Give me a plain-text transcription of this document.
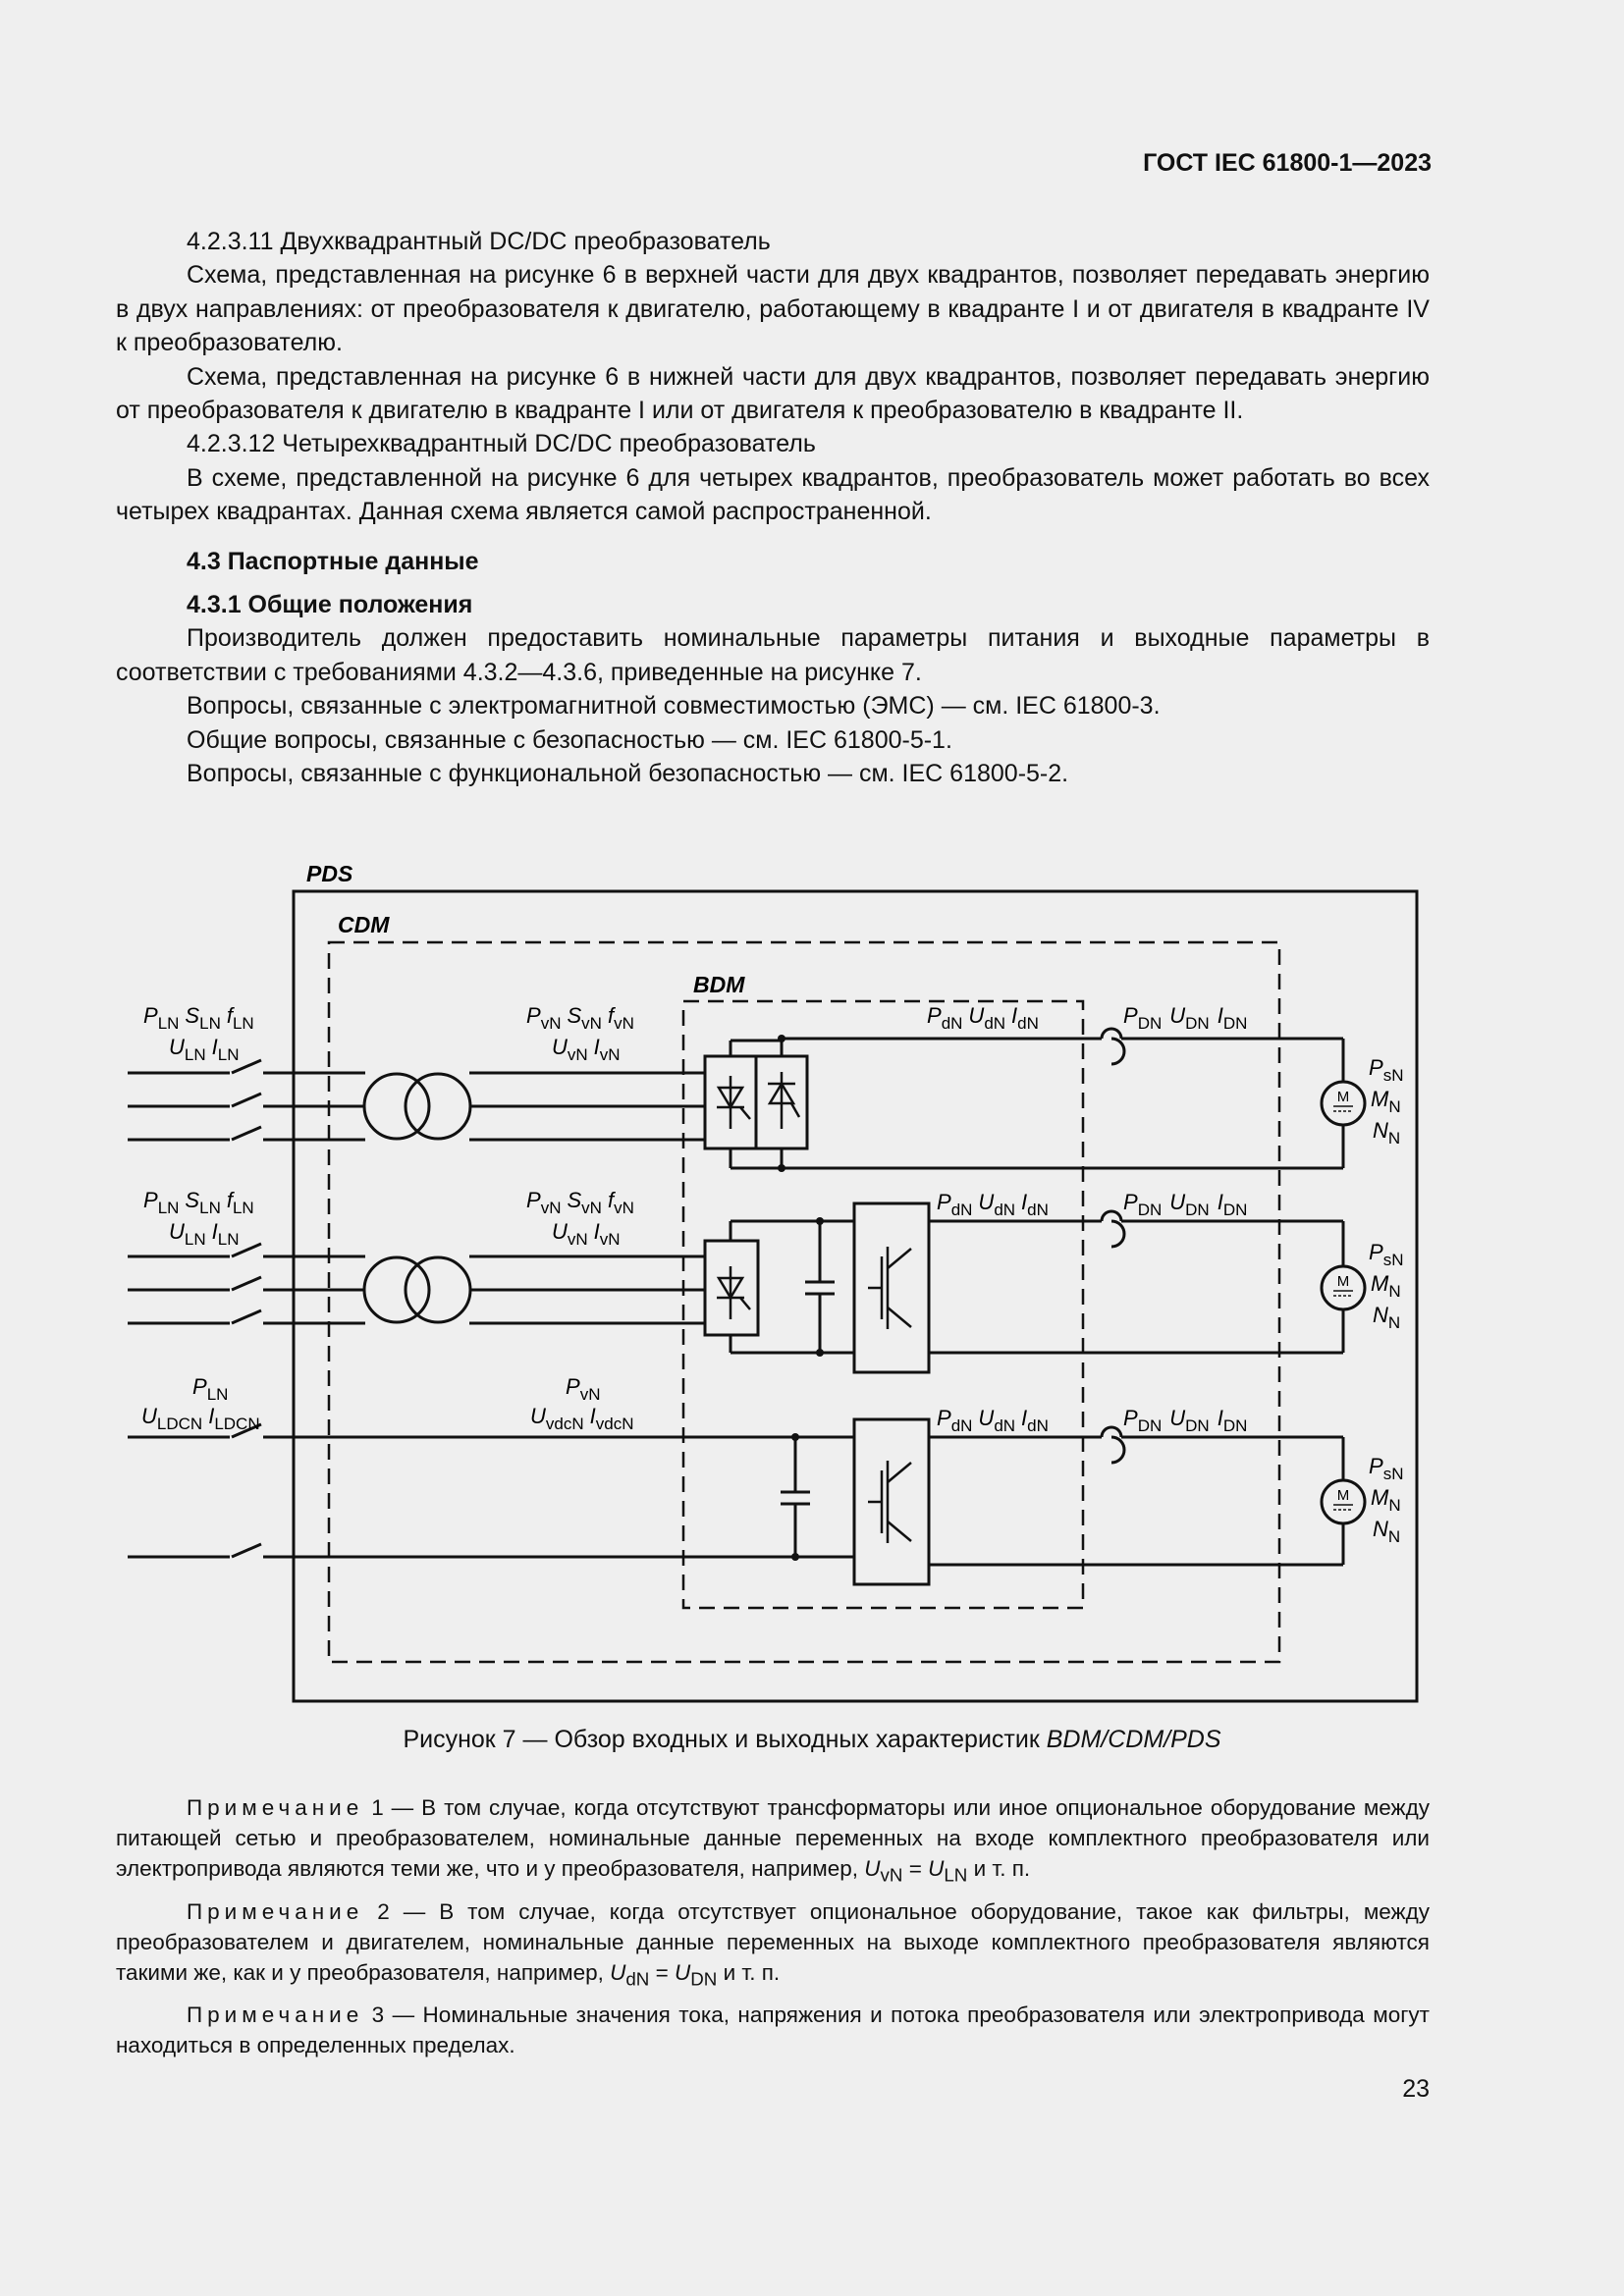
ГОСТ IEC 61800-1—2023

4.2.3.11 Двухквадрантный DC/DC преобразователь

Схема, представленная на рисунке 6 в верхней части для двух квадрантов, позволяет передавать энергию в двух направлениях: от преобразователя к двигателю, работающему в квадранте I и от двигателя в квадранте IV к преобразователю.

Схема, представленная на рисунке 6 в нижней части для двух квадрантов, позволяет передавать энергию от преобразователя к двигателю в квадранте I или от двигателя к преобразователю в квадранте II.

4.2.3.12 Четырехквадрантный DC/DC преобразователь

В схеме, представленной на рисунке 6 для четырех квадрантов, преобразователь может работать во всех четырех квадрантах. Данная схема является самой распространенной.

4.3 Паспортные данные

4.3.1 Общие положения

Производитель должен предоставить номинальные параметры питания и выходные параметры в соответствии с требованиями 4.3.2—4.3.6, приведенные на рисунке 7.

Вопросы, связанные с электромагнитной совместимостью (ЭМС) — см. IEC 61800-3.

Общие вопросы, связанные с безопасностью — см. IEC 61800-5-1.

Вопросы, связанные с функциональной безопасностью — см. IEC 61800-5-2.

PDS
CDM
BDM
M
M
M
$P_{LN}$ $S_{LN}$ $f_{LN}$
$U_{LN}$ $I_{LN}$
$P_{vN}$ $S_{vN}$ $f_{vN}$
$U_{vN}$ $I_{vN}$
$P_{dN}$ $U_{dN}$ $I_{dN}$	$P_{DN}$ $U_{DN}$ $I_{DN}$
$P_{sN}$
$M_N$
$N_N$
$P_{LN}$ $S_{LN}$ $f_{LN}$
$U_{LN}$ $I_{LN}$
$P_{vN}$ $S_{vN}$ $f_{vN}$
$U_{vN}$ $I_{vN}$
$P_{dN}$ $U_{dN}$ $I_{dN}$	$P_{DN}$ $U_{DN}$ $I_{DN}$
$P_{sN}$
$M_N$
$N_N$
$P_{LN}$
$U_{LDCN}$ $I_{LDCN}$
$P_{vN}$
$U_{vdcN}$ $I_{vdcN}$	$P_{dN}$ $U_{dN}$ $I_{dN}$	$P_{DN}$ $U_{DN}$ $I_{DN}$
$P_{sN}$
$M_N$
$N_N$
Рисунок 7 — Обзор входных и выходных характеристик BDM/CDM/PDS

Примечание 1 — В том случае, когда отсутствуют трансформаторы или иное опциональное оборудование между питающей сетью и преобразователем, номинальные данные переменных на входе комплектного преобразователя или электропривода являются теми же, что и у преобразователя, например, $U_{vN} = U_{LN}$ и т. п.

Примечание 2 — В том случае, когда отсутствует опциональное оборудование, такое как фильтры, между преобразователем и двигателем, номинальные данные переменных на выходе комплектного преобразователя являются такими же, как и у преобразователя, например, $U_{dN} = U_{DN}$ и т. п.

Примечание 3 — Номинальные значения тока, напряжения и потока преобразователя или электропривода могут находиться в определенных пределах.

23
